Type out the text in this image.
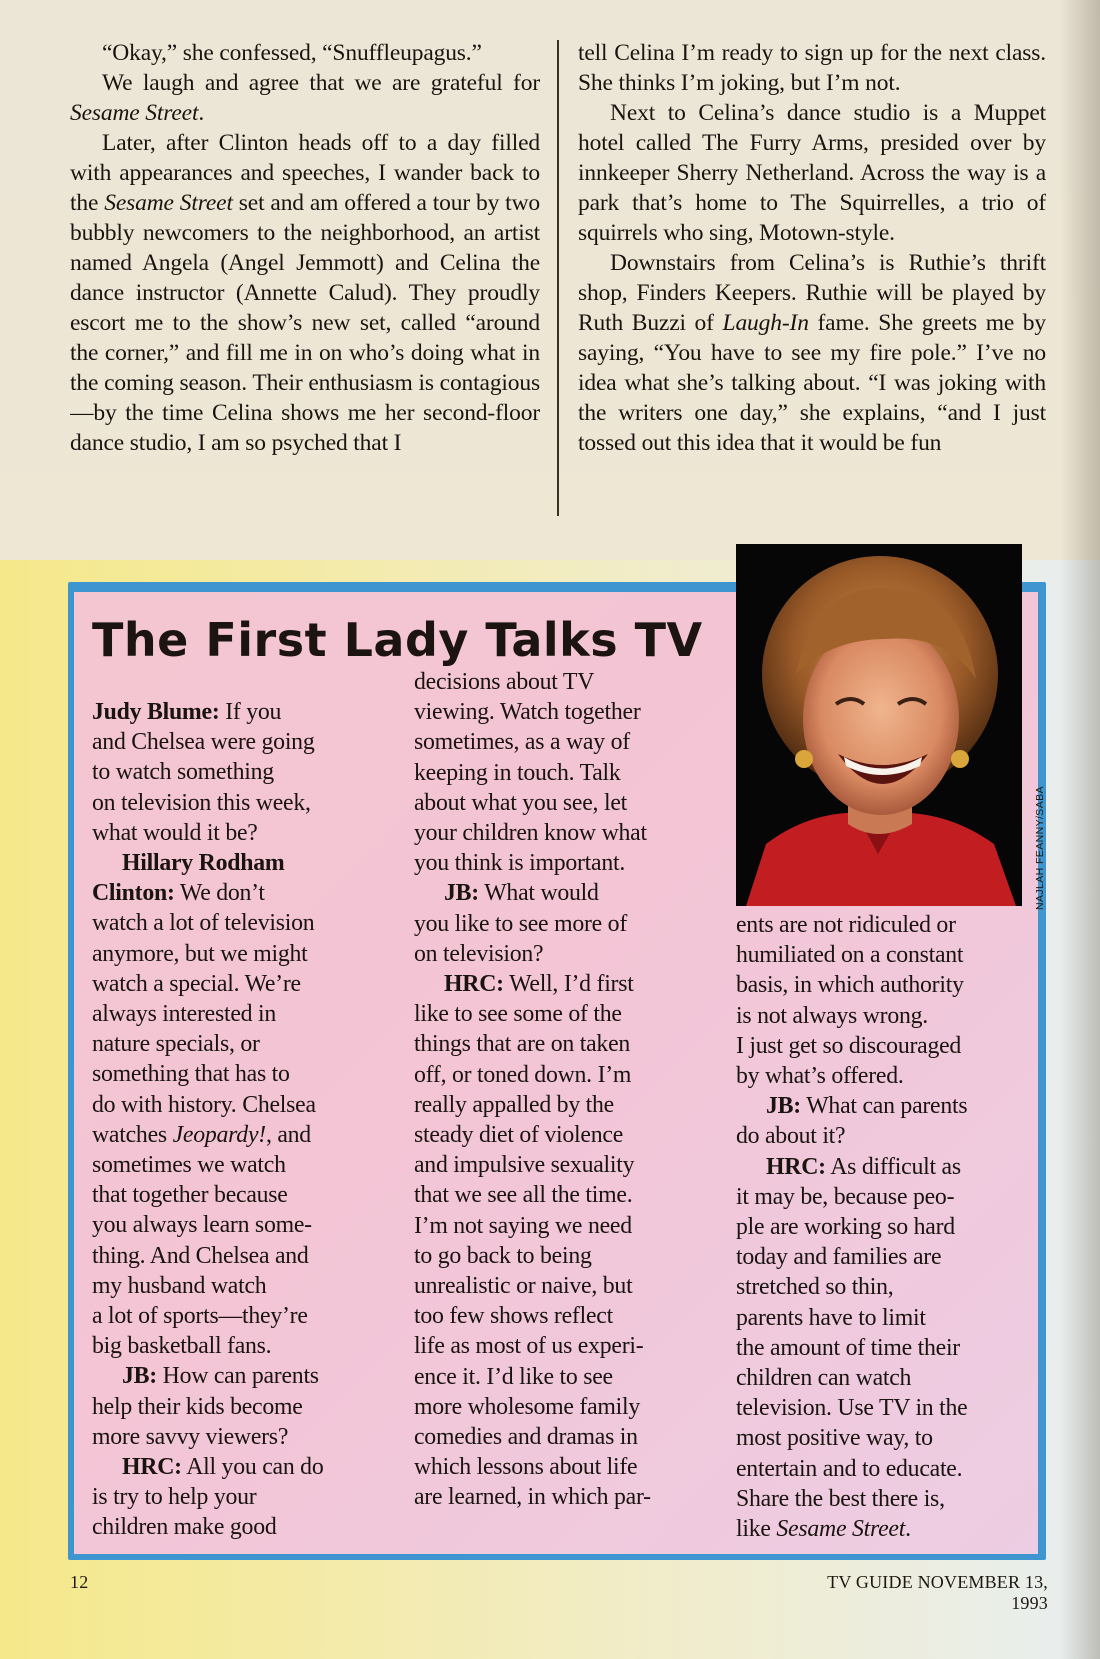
“Okay,” she confessed, “Snuffleupagus.”

We laugh and agree that we are grateful for Sesame Street.

Later, after Clinton heads off to a day filled with appearances and speeches, I wander back to the Sesame Street set and am offered a tour by two bubbly newcomers to the neighborhood, an artist named Angela (Angel Jemmott) and Celina the dance instructor (Annette Calud). They proudly escort me to the show’s new set, called “around the corner,” and fill me in on who’s doing what in the coming season. Their enthusiasm is contagious—by the time Celina shows me her second-floor dance studio, I am so psyched that I

tell Celina I’m ready to sign up for the next class. She thinks I’m joking, but I’m not.

Next to Celina’s dance studio is a Muppet hotel called The Furry Arms, presided over by innkeeper Sherry Netherland. Across the way is a park that’s home to The Squirrelles, a trio of squirrels who sing, Motown-style.

Downstairs from Celina’s is Ruthie’s thrift shop, Finders Keepers. Ruthie will be played by Ruth Buzzi of Laugh-In fame. She greets me by saying, “You have to see my fire pole.” I’ve no idea what she’s talking about. “I was joking with the writers one day,” she explains, “and I just tossed out this idea that it would be fun

The First Lady Talks TV
NAJLAH FEANNY/SABA

Judy Blume: If you

and Chelsea were going

to watch something

on television this week,

what would it be?

Hillary Rodham

Clinton: We don’t

watch a lot of television

anymore, but we might

watch a special. We’re

always interested in

nature specials, or

something that has to

do with history. Chelsea

watches Jeopardy!, and

sometimes we watch

that together because

you always learn some-

thing. And Chelsea and

my husband watch

a lot of sports—they’re

big basketball fans.

JB: How can parents

help their kids become

more savvy viewers?

HRC: All you can do

is try to help your

children make good

decisions about TV

viewing. Watch together

sometimes, as a way of

keeping in touch. Talk

about what you see, let

your children know what

you think is important.

JB: What would

you like to see more of

on television?

HRC: Well, I’d first

like to see some of the

things that are on taken

off, or toned down. I’m

really appalled by the

steady diet of violence

and impulsive sexuality

that we see all the time.

I’m not saying we need

to go back to being

unrealistic or naive, but

too few shows reflect

life as most of us experi-

ence it. I’d like to see

more wholesome family

comedies and dramas in

which lessons about life

are learned, in which par-

ents are not ridiculed or

humiliated on a constant

basis, in which authority

is not always wrong.

I just get so discouraged

by what’s offered.

JB: What can parents

do about it?

HRC: As difficult as

it may be, because peo-

ple are working so hard

today and families are

stretched so thin,

parents have to limit

the amount of time their

children can watch

television. Use TV in the

most positive way, to

entertain and to educate.

Share the best there is,

like Sesame Street.

12	TV GUIDE NOVEMBER 13, 1993
